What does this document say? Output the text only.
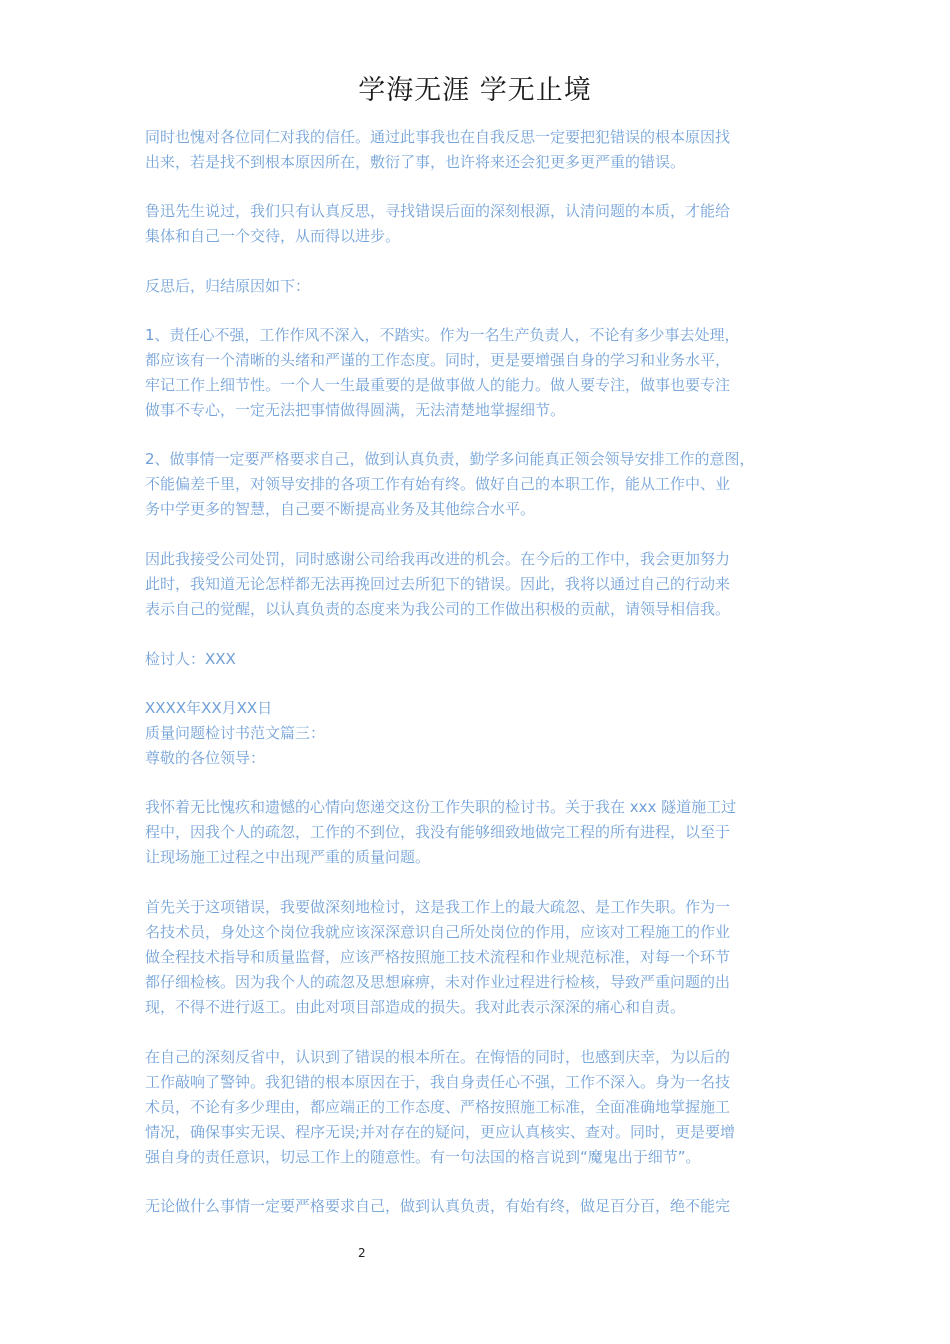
学海无涯 学无止境
同时也愧对各位同仁对我的信任。通过此事我也在自我反思一定要把犯错误的根本原因找
出来，若是找不到根本原因所在，敷衍了事，也许将来还会犯更多更严重的错误。
鲁迅先生说过，我们只有认真反思，寻找错误后面的深刻根源，认清问题的本质，才能给
集体和自己一个交待，从而得以进步。
反思后，归结原因如下：
1、责任心不强，工作作风不深入，不踏实。作为一名生产负责人，不论有多少事去处理，
都应该有一个清晰的头绪和严谨的工作态度。同时，更是要增强自身的学习和业务水平，
牢记工作上细节性。一个人一生最重要的是做事做人的能力。做人要专注，做事也要专注
做事不专心，一定无法把事情做得圆满，无法清楚地掌握细节。
2、做事情一定要严格要求自己，做到认真负责，勤学多问能真正领会领导安排工作的意图，
不能偏差千里，对领导安排的各项工作有始有终。做好自己的本职工作，能从工作中、业
务中学更多的智慧，自己要不断提高业务及其他综合水平。
因此我接受公司处罚，同时感谢公司给我再改进的机会。在今后的工作中，我会更加努力
此时，我知道无论怎样都无法再挽回过去所犯下的错误。因此，我将以通过自己的行动来
表示自己的觉醒，以认真负责的态度来为我公司的工作做出积极的贡献，请领导相信我。
检讨人：XXX
XXXX年XX月XX日
质量问题检讨书范文篇三：
尊敬的各位领导：
我怀着无比愧疚和遗憾的心情向您递交这份工作失职的检讨书。关于我在 xxx 隧道施工过
程中，因我个人的疏忽，工作的不到位，我没有能够细致地做完工程的所有进程，以至于
让现场施工过程之中出现严重的质量问题。
首先关于这项错误，我要做深刻地检讨，这是我工作上的最大疏忽、是工作失职。作为一
名技术员，身处这个岗位我就应该深深意识自己所处岗位的作用，应该对工程施工的作业
做全程技术指导和质量监督，应该严格按照施工技术流程和作业规范标准，对每一个环节
都仔细检核。因为我个人的疏忽及思想麻痹，未对作业过程进行检核，导致严重问题的出
现，不得不进行返工。由此对项目部造成的损失。我对此表示深深的痛心和自责。
在自己的深刻反省中，认识到了错误的根本所在。在悔悟的同时，也感到庆幸，为以后的
工作敲响了警钟。我犯错的根本原因在于，我自身责任心不强，工作不深入。身为一名技
术员，不论有多少理由，都应端正的工作态度、严格按照施工标准，全面准确地掌握施工
情况，确保事实无误、程序无误;并对存在的疑问，更应认真核实、查对。同时，更是要增
强自身的责任意识，切忌工作上的随意性。有一句法国的格言说到“魔鬼出于细节”。
无论做什么事情一定要严格要求自己，做到认真负责，有始有终，做足百分百，绝不能完
2
